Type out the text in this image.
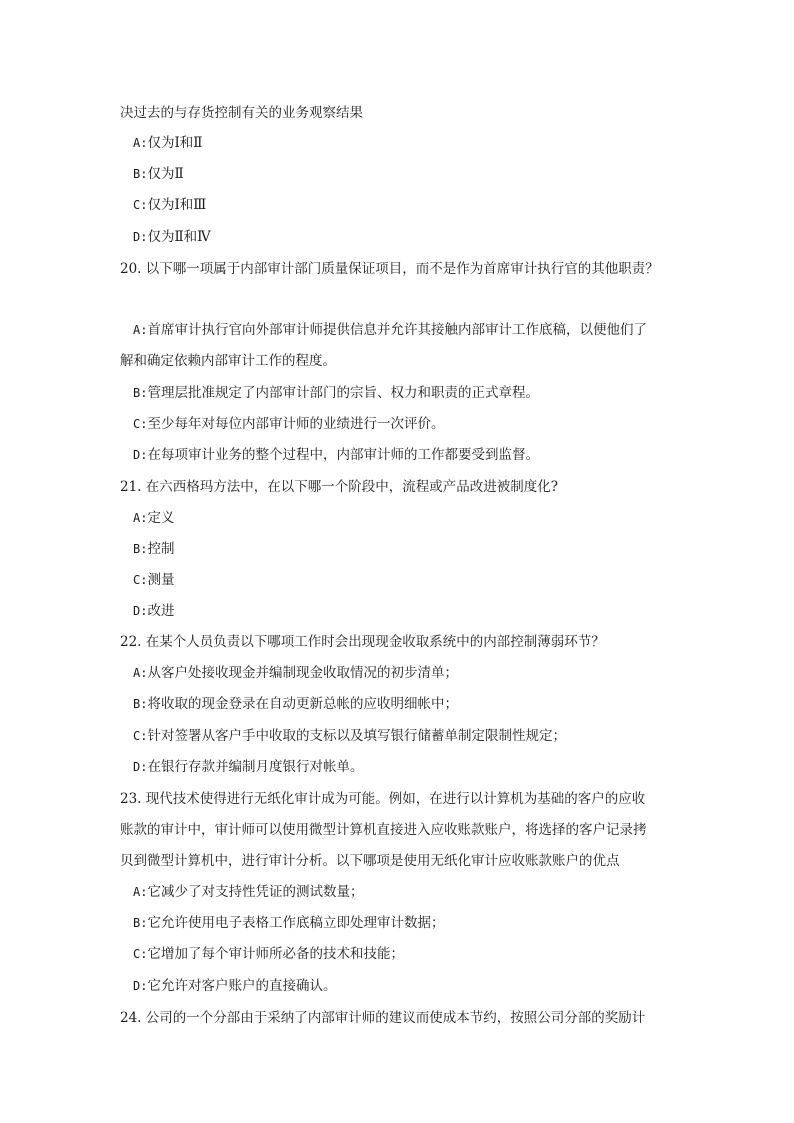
决过去的与存货控制有关的业务观察结果
A:仅为Ⅰ和Ⅱ
B:仅为Ⅱ
C:仅为Ⅰ和Ⅲ
D:仅为Ⅱ和Ⅳ
20. 以下哪一项属于内部审计部门质量保证项目，而不是作为首席审计执行官的其他职责？
A:首席审计执行官向外部审计师提供信息并允许其接触内部审计工作底稿，以便他们了
解和确定依赖内部审计工作的程度。
B:管理层批准规定了内部审计部门的宗旨、权力和职责的正式章程。
C:至少每年对每位内部审计师的业绩进行一次评价。
D:在每项审计业务的整个过程中，内部审计师的工作都要受到监督。
21. 在六西格玛方法中，在以下哪一个阶段中，流程或产品改进被制度化?
A:定义
B:控制
C:测量
D:改进
22. 在某个人员负责以下哪项工作时会出现现金收取系统中的内部控制薄弱环节？
A:从客户处接收现金并编制现金收取情况的初步清单；
B:将收取的现金登录在自动更新总帐的应收明细帐中；
C:针对签署从客户手中收取的支标以及填写银行储蓄单制定限制性规定；
D:在银行存款并编制月度银行对帐单。
23. 现代技术使得进行无纸化审计成为可能。例如，在进行以计算机为基础的客户的应收
账款的审计中，审计师可以使用微型计算机直接进入应收账款账户，将选择的客户记录拷
贝到微型计算机中，进行审计分析。以下哪项是使用无纸化审计应收账款账户的优点
A:它减少了对支持性凭证的测试数量；
B:它允许使用电子表格工作底稿立即处理审计数据；
C:它增加了每个审计师所必备的技术和技能；
D:它允许对客户账户的直接确认。
24. 公司的一个分部由于采纳了内部审计师的建议而使成本节约，按照公司分部的奖励计
